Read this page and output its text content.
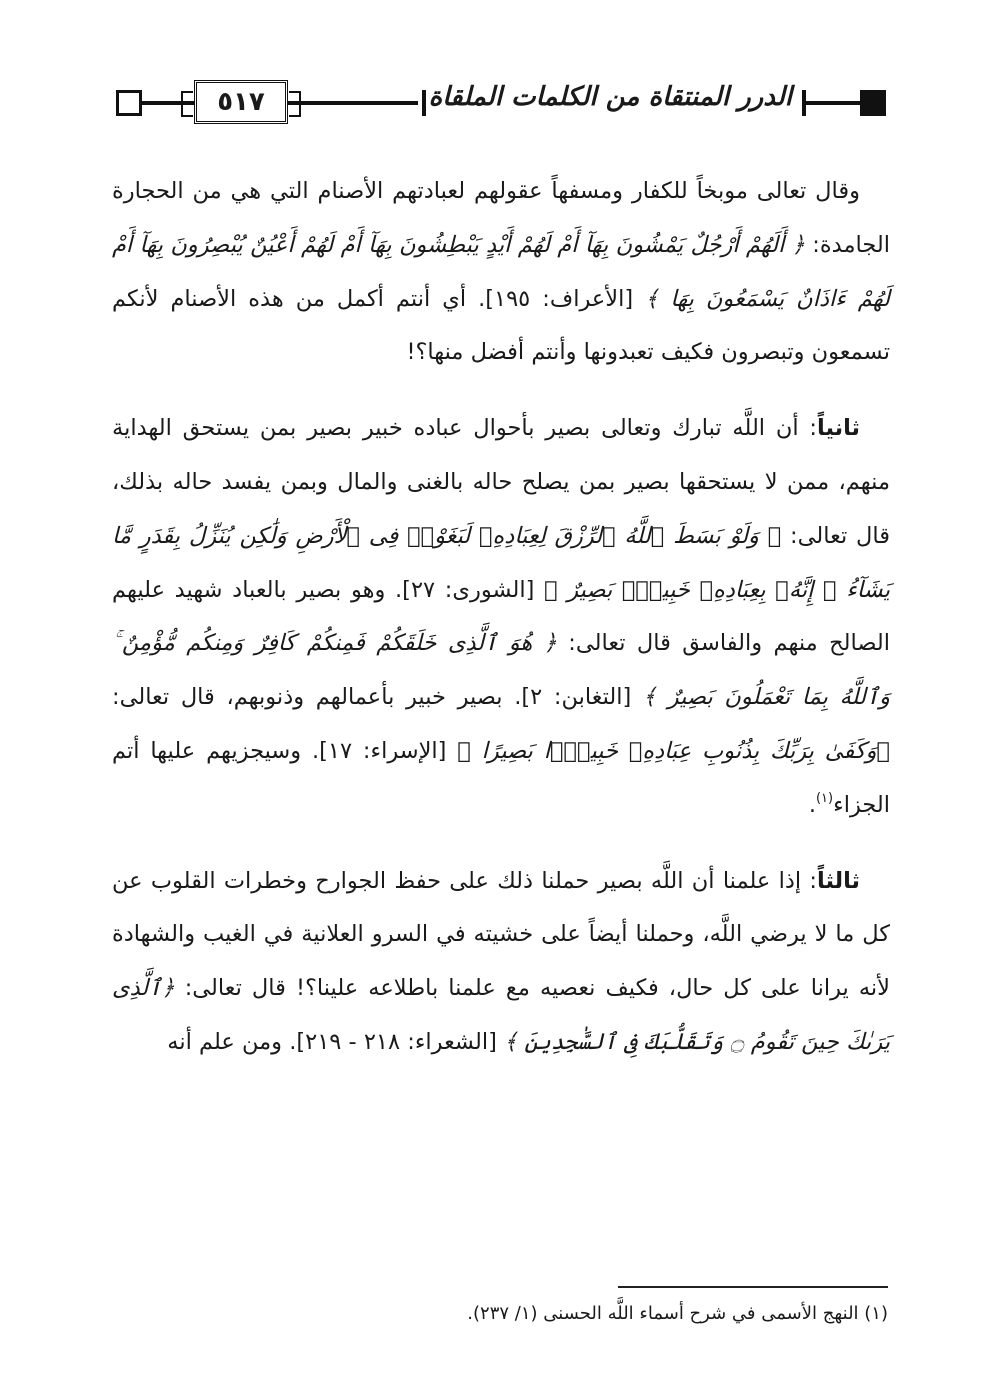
٥١٧	الدرر المنتقاة من الكلمات الملقاة

وقال تعالى موبخاً للكفار ومسفهاً عقولهم لعبادتهم الأصنام التي هي من الحجارة الجامدة: ﴿ أَلَهُمْ أَرْجُلٌ يَمْشُونَ بِهَآ أَمْ لَهُمْ أَيْدٍ يَبْطِشُونَ بِهَآ أَمْ لَهُمْ أَعْيُنٌ يُبْصِرُونَ بِهَآ أَمْ لَهُمْ ءَاذَانٌ يَسْمَعُونَ بِهَا ﴾ [الأعراف: ١٩٥]. أي أنتم أكمل من هذه الأصنام لأنكم تسمعون وتبصرون فكيف تعبدونها وأنتم أفضل منها؟!

ثانياً: أن اللَّه تبارك وتعالى بصير بأحوال عباده خبير بصير بمن يستحق الهداية منهم، ممن لا يستحقها بصير بمن يصلح حاله بالغنى والمال وبمن يفسد حاله بذلك، قال تعالى: ﴿ وَلَوْ بَسَطَ ٱللَّهُ ٱلرِّزْقَ لِعِبَادِهِۦ لَبَغَوْا۟ فِى ٱلْأَرْضِ وَلَٰكِن يُنَزِّلُ بِقَدَرٍ مَّا يَشَآءُ ۚ إِنَّهُۥ بِعِبَادِهِۦ خَبِيرٌۢ بَصِيرٌ ﴾ [الشورى: ٢٧]. وهو بصير بالعباد شهيد عليهم الصالح منهم والفاسق قال تعالى: ﴿ هُوَ ٱلَّذِى خَلَقَكُمْ فَمِنكُمْ كَافِرٌ وَمِنكُم مُّؤْمِنٌ ۚ وَٱللَّهُ بِمَا تَعْمَلُونَ بَصِيرٌ ﴾ [التغابن: ٢]. بصير خبير بأعمالهم وذنوبهم، قال تعالى: ﴿وَكَفَىٰ بِرَبِّكَ بِذُنُوبِ عِبَادِهِۦ خَبِيرًۢا بَصِيرًا ﴾ [الإسراء: ١٧]. وسيجزيهم عليها أتم الجزاء$^{(١)}$.

ثالثاً: إذا علمنا أن اللَّه بصير حملنا ذلك على حفظ الجوارح وخطرات القلوب عن كل ما لا يرضي اللَّه، وحملنا أيضاً على خشيته في السرو العلانية في الغيب والشهادة لأنه يرانا على كل حال، فكيف نعصيه مع علمنا باطلاعه علينا؟! قال تعالى: ﴿ٱلَّذِى يَرَىٰكَ حِينَ تَقُومُ ۝ وَتَقَلُّبَكَ فِى ٱلسَّٰجِدِينَ ﴾ [الشعراء: ٢١٨ - ٢١٩]. ومن علم أنه

(١) النهج الأسمى في شرح أسماء اللَّه الحسنى (١/ ٢٣٧).
